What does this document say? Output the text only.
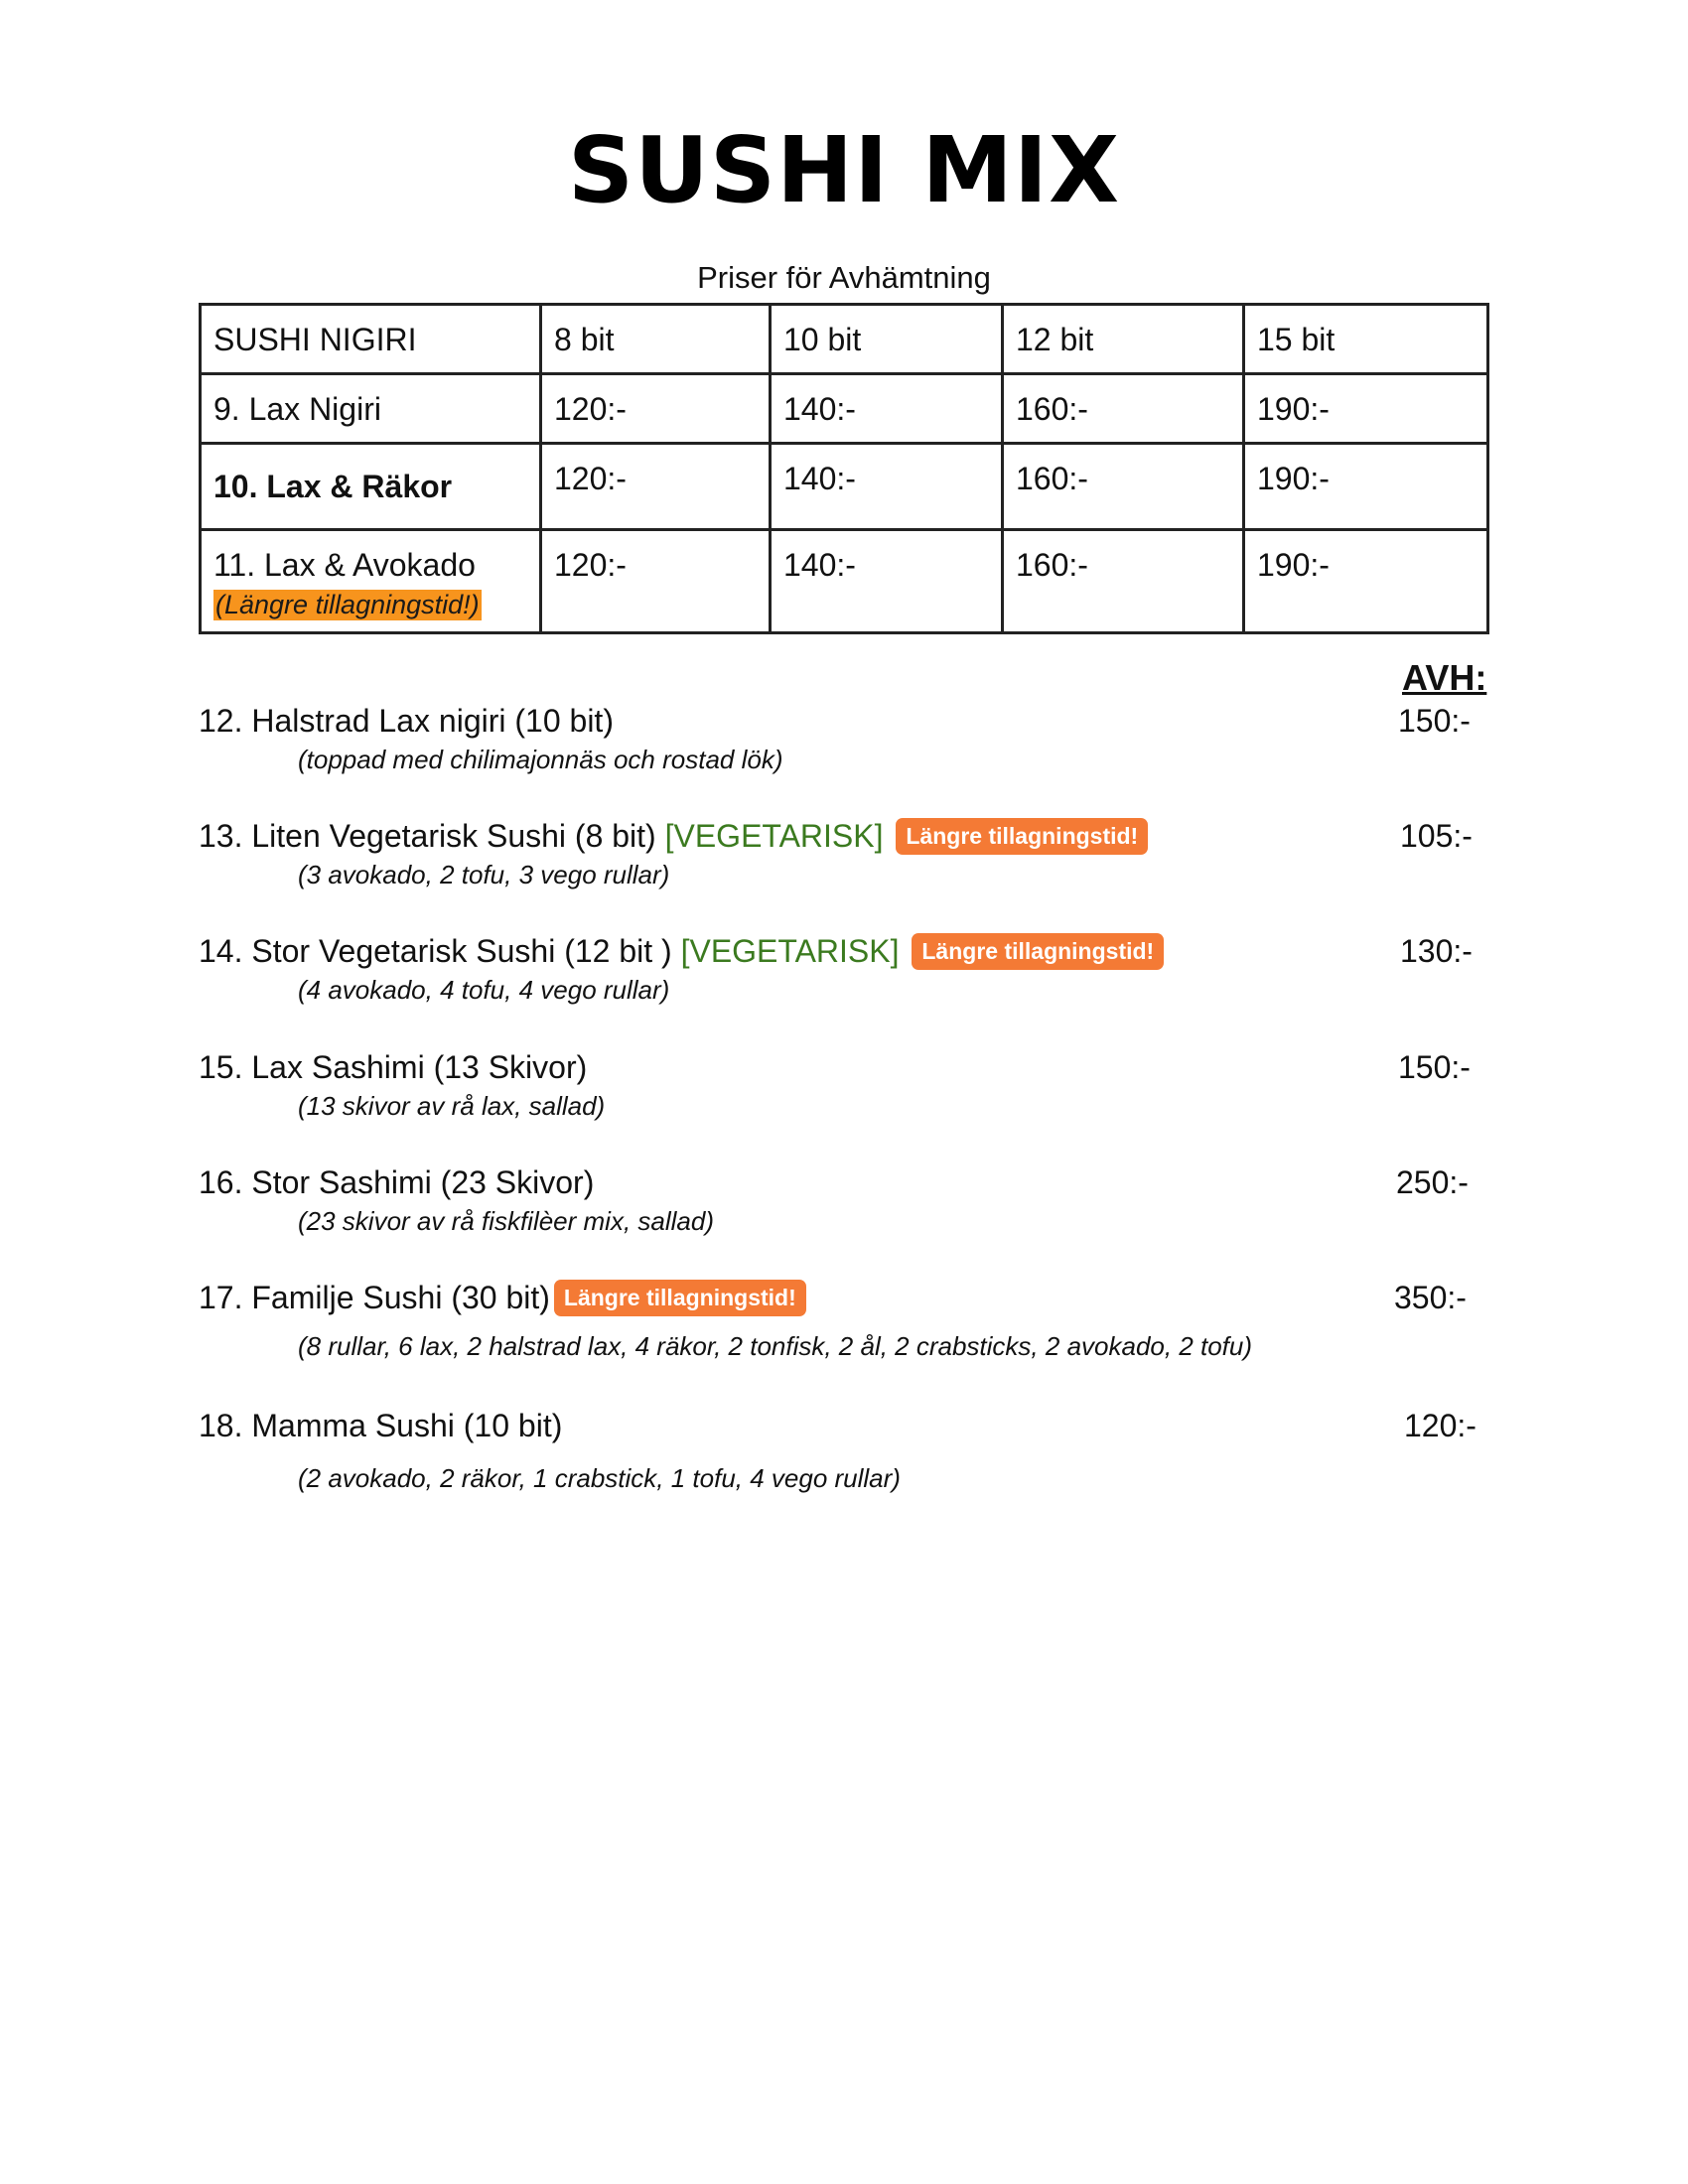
SUSHI MIX
Priser för Avhämtning
SUSHI NIGIRI	8 bit	10 bit	12 bit	15 bit
9. Lax Nigiri	120:-	140:-	160:-	190:-
10. Lax & Räkor	120:-	140:-	160:-	190:-

11. Lax & Avokado
(Längre tillagningstid!)	120:-	140:-	160:-	190:-
AVH:
12. Halstrad Lax nigiri (10 bit)	150:-
(toppad med chilimajonnäs och rostad lök)
13. Liten Vegetarisk Sushi (8 bit) [VEGETARISK] Längre tillagningstid!	105:-
(3 avokado, 2 tofu, 3 vego rullar)
14. Stor Vegetarisk Sushi (12 bit ) [VEGETARISK] Längre tillagningstid!	130:-
(4 avokado, 4 tofu, 4 vego rullar)
15. Lax Sashimi (13 Skivor)	150:-
(13 skivor av rå lax, sallad)
16. Stor Sashimi (23 Skivor)	250:-
(23 skivor av rå fiskfilèer mix, sallad)
17. Familje Sushi (30 bit) Längre tillagningstid!	350:-
(8 rullar, 6 lax, 2 halstrad lax, 4 räkor, 2 tonfisk, 2 ål, 2 crabsticks, 2 avokado, 2 tofu)
18. Mamma Sushi (10 bit)	120:-
(2 avokado, 2 räkor, 1 crabstick, 1 tofu, 4 vego rullar)
